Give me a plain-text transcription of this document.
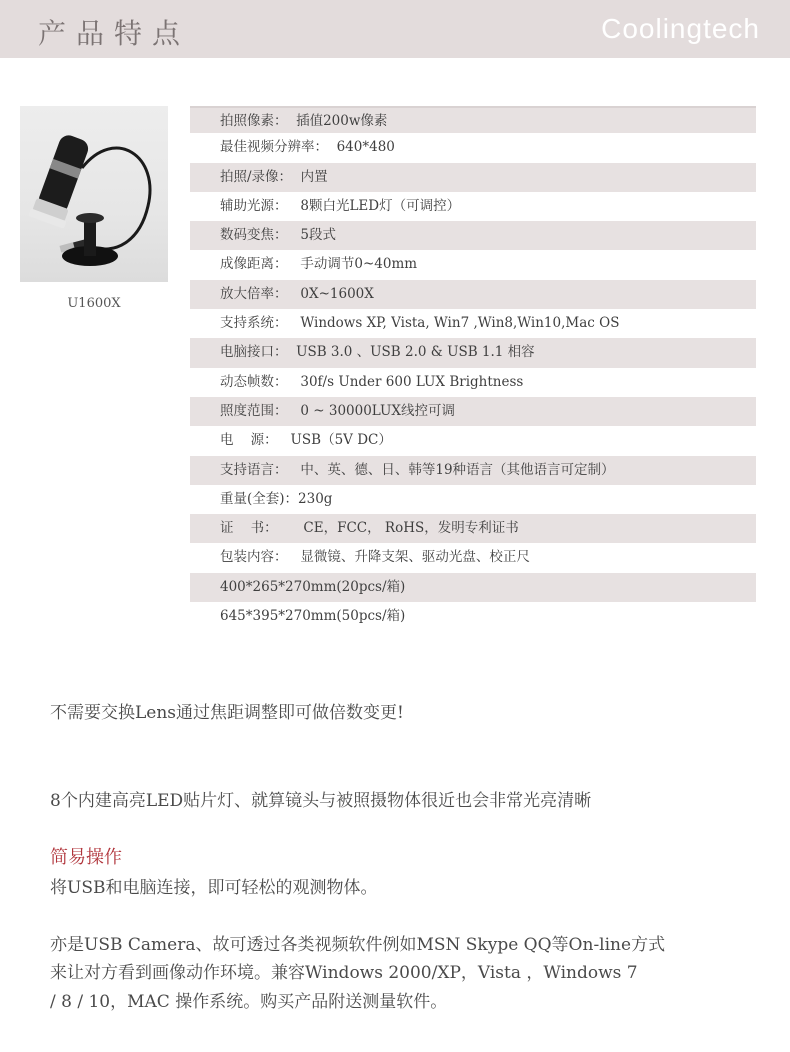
产品特点	Coolingtech
U1600X
拍照像素：  插值200w像素
最佳视频分辨率：  640*480
拍照/录像：  内置
辅助光源：   8颗白光LED灯（可调控）
数码变焦：   5段式
成像距离：   手动调节0~40mm
放大倍率：   0X~1600X
支持系统：   Windows XP, Vista, Win7 ,Win8,Win10,Mac OS
电脑接口：  USB 3.0 、USB 2.0 & USB 1.1 相容
动态帧数：   30f/s Under 600 LUX Brightness
照度范围：   0 ~ 30000LUX线控可调
电    源：   USB（5V DC）
支持语言：   中、英、德、日、韩等19种语言（其他语言可定制）
重量(全套)：230g
证    书：      CE，FCC， RoHS，发明专利证书
包装内容：   显微镜、升降支架、驱动光盘、校正尺
400*265*270mm(20pcs/箱)
645*395*270mm(50pcs/箱)
不需要交换Lens通过焦距调整即可做倍数变更!
8个内建高亮LED贴片灯、就算镜头与被照摄物体很近也会非常光亮清晰
简易操作
将USB和电脑连接，即可轻松的观测物体。
亦是USB Camera、故可透过各类视频软件例如MSN Skype QQ等On-line方式
来让对方看到画像动作环境。兼容Windows 2000/XP，Vista ，Windows 7
/ 8 / 10，MAC 操作系统。购买产品附送测量软件。
